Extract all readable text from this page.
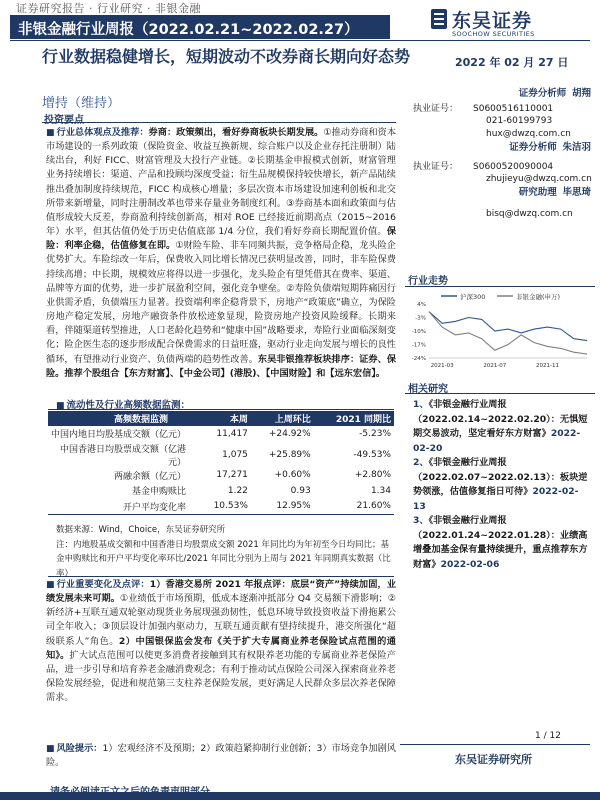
证券研究报告 · 行业研究 · 非银金融
非银金融行业周报（2022.02.21~2022.02.27）	东吴证券
SOOCHOW SECURITIES
行业数据稳健增长，短期波动不改券商长期向好态势	2022 年 02 月 27 日
增持（维持）
证券分析师 胡翔
执业证号：	S0600516110001
021-60199793
hux@dwzq.com.cn
证券分析师 朱洁羽
执业证号：	S0600520090004
zhujieyu@dwzq.com.cn
研究助理 毕思琦
bisq@dwzq.com.cn
投资要点
■ 行业总体观点及推荐：券商：政策频出，看好券商板块长期发展。①推动券商和资本市场建设的一系列政策（保险资金、收益互换新规、综合账户以及企业存托注册制）陆续出台，利好 FICC、财富管理及大投行产业链。②长期基金申报模式创新，财富管理业务持续增长：渠道、产品和投顾均深度受益；衍生品规模保持较快增长，新产品陆续推出叠加制度持续规范，FICC 构成核心增量；多层次资本市场建设加速利创板和北交所带来新增量，同时注册制改革也带来存量业务制度红利。③券商基本面和政策面与估值形成较大反差，券商盈利持续创新高，相对 ROE 已经接近前期高点（2015~2016 年）水平，但其估值仍处于历史估值底部 1/4 分位，我们看好券商长期配置价值。保险：利率企稳，估值修复在即。①财险车险、非车同频共振，竞争格局企稳，龙头险企优势扩大。车险综改一年后，保费收入同比增长情况已获明显改善，同时，非车险保费持续高增；中长期，规模效应将得以进一步强化，龙头险企有望凭借其在费率、渠道、品牌等方面的优势，进一步扩展盈利空间，强化竞争壁垒。②寿险负债端短期阵痛因行业供需矛盾，负债端压力显著。投资端利率企稳背景下，房地产“政策底”确立，为保险房地产稳定发展，房地产融资条件放松迹象显现，险资房地产投资风险缓释。长期来看，伴随渠道转型推进，人口老龄化趋势和“健康中国”战略要求，寿险行业面临深刻变化；险企医生态的逐步形成配合保费需求的日益旺盛，驱动行业走向发展与增长的良性循环，有望推动行业资产、负债两端的趋势性改善。东吴非银推荐板块排序：证券、保险。推荐个股组合【东方财富】、【中金公司】(港股)、【中国财险】和【远东宏信】。
■ 流动性及行业高频数据监测：
高频数据监测	本周	上周环比	2021 同期比
中国内地日均股基成交额（亿元）	11,417	+24.92%	-5.23%
中国香港日均股票成交额（亿港元）	1,075	+25.89%	-49.53%
两融余额（亿元）	17,271	+0.60%	+2.80%
基金申购赎比	1.22	0.93	1.34
开户平均变化率	10.53%	12.95%	21.60%
数据来源：Wind，Choice，东吴证券研究所
注：内地股基成交额和中国香港日均股票成交额 2021 年同比均为年初至今日均同比；基金申购赎比和开户平均变化率环比/2021 年同比分别为上周与 2021 年同期真实数据（比率）
■ 行业重要变化及点评：1）香港交易所 2021 年报点评：底层“资产”持续加固，业绩发展未来可期。①业绩低于市场预期，低成本逐渐冲抵部分 Q4 交易额下滑影响；②新经济+互联互通双轮驱动现货业务展现强劲韧性，低息环境导致投资收益下滑拖累公司全年收入；③顶层设计加强内驱动力，互联互通贡献有望持续提升，港交所强化“超级联系人”角色。2）中国银保监会发布《关于扩大专属商业养老保险试点范围的通知》。扩大试点范围可以使更多消费者接触到其有权限养老功能的专属商业养老保险产品，进一步引导和培育养老金融消费观念；有利于推动试点保险公司深入探索商业养老保险发展经验，促进和规范第三支柱养老保险发展，更好满足人民群众多层次养老保障需求。
■ 风险提示：1）宏观经济不及预期；2）政策趋紧抑制行业创新；3）市场竞争加剧风险。
行业走势
4%
-3%
-10%
-17%
-24%
2021-03	2021-07	2021-11
沪深300	非银金融(申万)
相关研究
1、《非银金融行业周报（2022.02.14~2022.02.20）：无惧短期交易波动，坚定看好东方财富》2022-02-20
2、《非银金融行业周报（2022.02.07~2022.02.13）：板块逆势领涨，估值修复指日可待》2022-02-13
3、《非银金融行业周报（2022.01.24~2022.01.28）：业绩高增叠加基金保有量持续提升，重点推荐东方财富》2022-02-06
1 / 12
东吴证券研究所
